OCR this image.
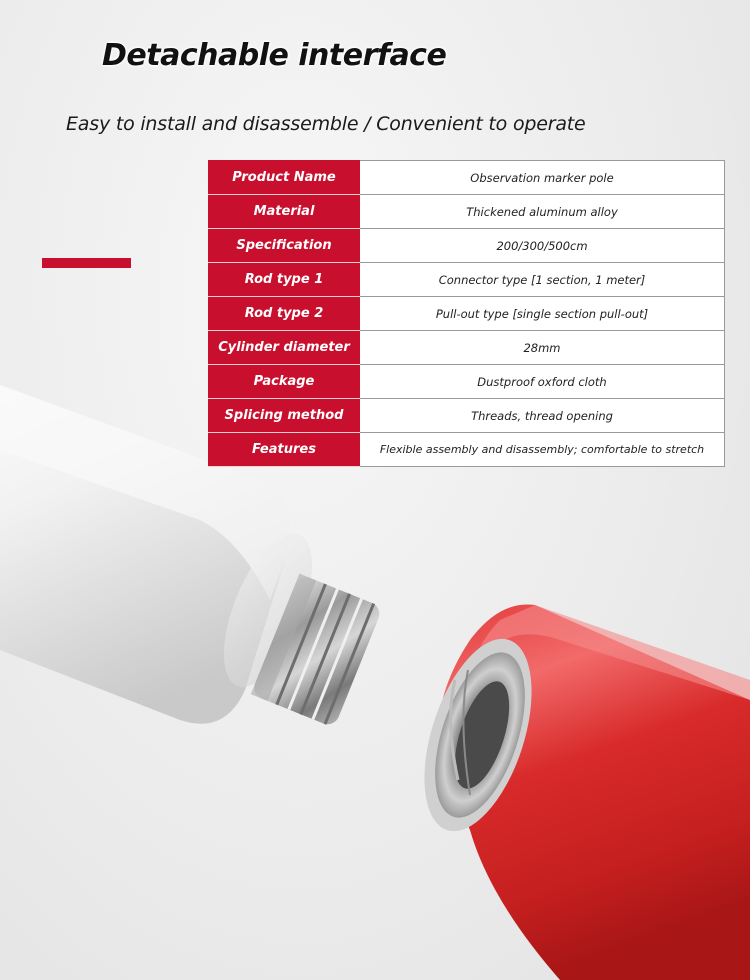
Detachable interface
Easy to install and disassemble / Convenient to operate
Product Name	Observation marker pole
Material	Thickened aluminum alloy
Specification	200/300/500cm
Rod type 1	Connector type [1 section, 1 meter]
Rod type 2	Pull-out type [single section pull-out]
Cylinder diameter	28mm
Package	Dustproof oxford cloth
Splicing method	Threads, thread opening
Features	Flexible assembly and disassembly; comfortable to stretch
